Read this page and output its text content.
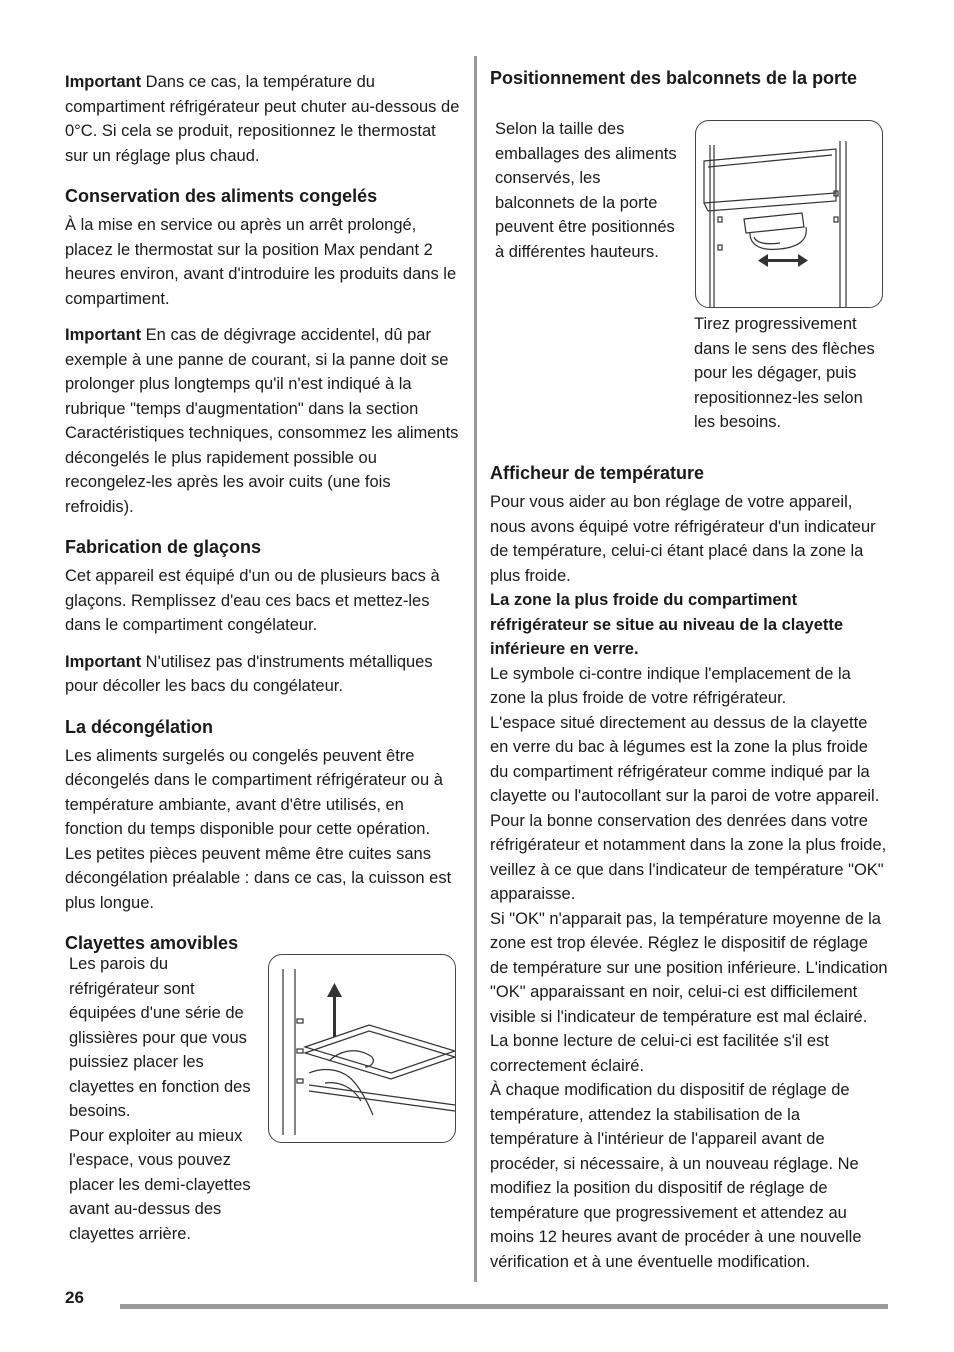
Important Dans ce cas, la température du compartiment réfrigérateur peut chuter au-dessous de 0°C. Si cela se produit, repositionnez le thermostat sur un réglage plus chaud.

Conservation des aliments congelés

À la mise en service ou après un arrêt prolongé, placez le thermostat sur la position Max pendant 2 heures environ, avant d'introduire les produits dans le compartiment.

Important En cas de dégivrage accidentel, dû par exemple à une panne de courant, si la panne doit se prolonger plus longtemps qu'il n'est indiqué à la rubrique "temps d'augmentation" dans la section Caractéristiques techniques, consommez les aliments décongelés le plus rapidement possible ou recongelez-les après les avoir cuits (une fois refroidis).

Fabrication de glaçons

Cet appareil est équipé d'un ou de plusieurs bacs à glaçons. Remplissez d'eau ces bacs et mettez-les dans le compartiment congélateur.

Important N'utilisez pas d'instruments métalliques pour décoller les bacs du congélateur.

La décongélation

Les aliments surgelés ou congelés peuvent être décongelés dans le compartiment réfrigérateur ou à température ambiante, avant d'être utilisés, en fonction du temps disponible pour cette opération.

Les petites pièces peuvent même être cuites sans décongélation préalable : dans ce cas, la cuisson est plus longue.

Clayettes amovibles

Les parois du réfrigérateur sont équipées d'une série de glissières pour que vous puissiez placer les clayettes en fonction des besoins.

Pour exploiter au mieux l'espace, vous pouvez placer les demi-clayettes avant au-dessus des clayettes arrière.

Positionnement des balconnets de la porte

Selon la taille des emballages des aliments conservés, les balconnets de la porte peuvent être positionnés à différentes hauteurs.

Tirez progressivement dans le sens des flèches pour les dégager, puis repositionnez-les selon les besoins.

Afficheur de température

Pour vous aider au bon réglage de votre appareil, nous avons équipé votre réfrigérateur d'un indicateur de température, celui-ci étant placé dans la zone la plus froide.

La zone la plus froide du compartiment réfrigérateur se situe au niveau de la clayette inférieure en verre.

Le symbole ci-contre indique l'emplacement de la zone la plus froide de votre réfrigérateur.

L'espace situé directement au dessus de la clayette en verre du bac à légumes est la zone la plus froide du compartiment réfrigérateur comme indiqué par la clayette ou l'autocollant sur la paroi de votre appareil.

Pour la bonne conservation des denrées dans votre réfrigérateur et notamment dans la zone la plus froide, veillez à ce que dans l'indicateur de température "OK" apparaisse.

Si "OK" n'apparait pas, la température moyenne de la zone est trop élevée. Réglez le dispositif de réglage de température sur une position inférieure. L'indication "OK" apparaissant en noir, celui-ci est difficilement visible si l'indicateur de température est mal éclairé. La bonne lecture de celui-ci est facilitée s'il est correctement éclairé.

À chaque modification du dispositif de réglage de température, attendez la stabilisation de la température à l'intérieur de l'appareil avant de procéder, si nécessaire, à un nouveau réglage. Ne modifiez la position du dispositif de réglage de température que progressivement et attendez au moins 12 heures avant de procéder à une nouvelle vérification et à une éventuelle modification.

26
